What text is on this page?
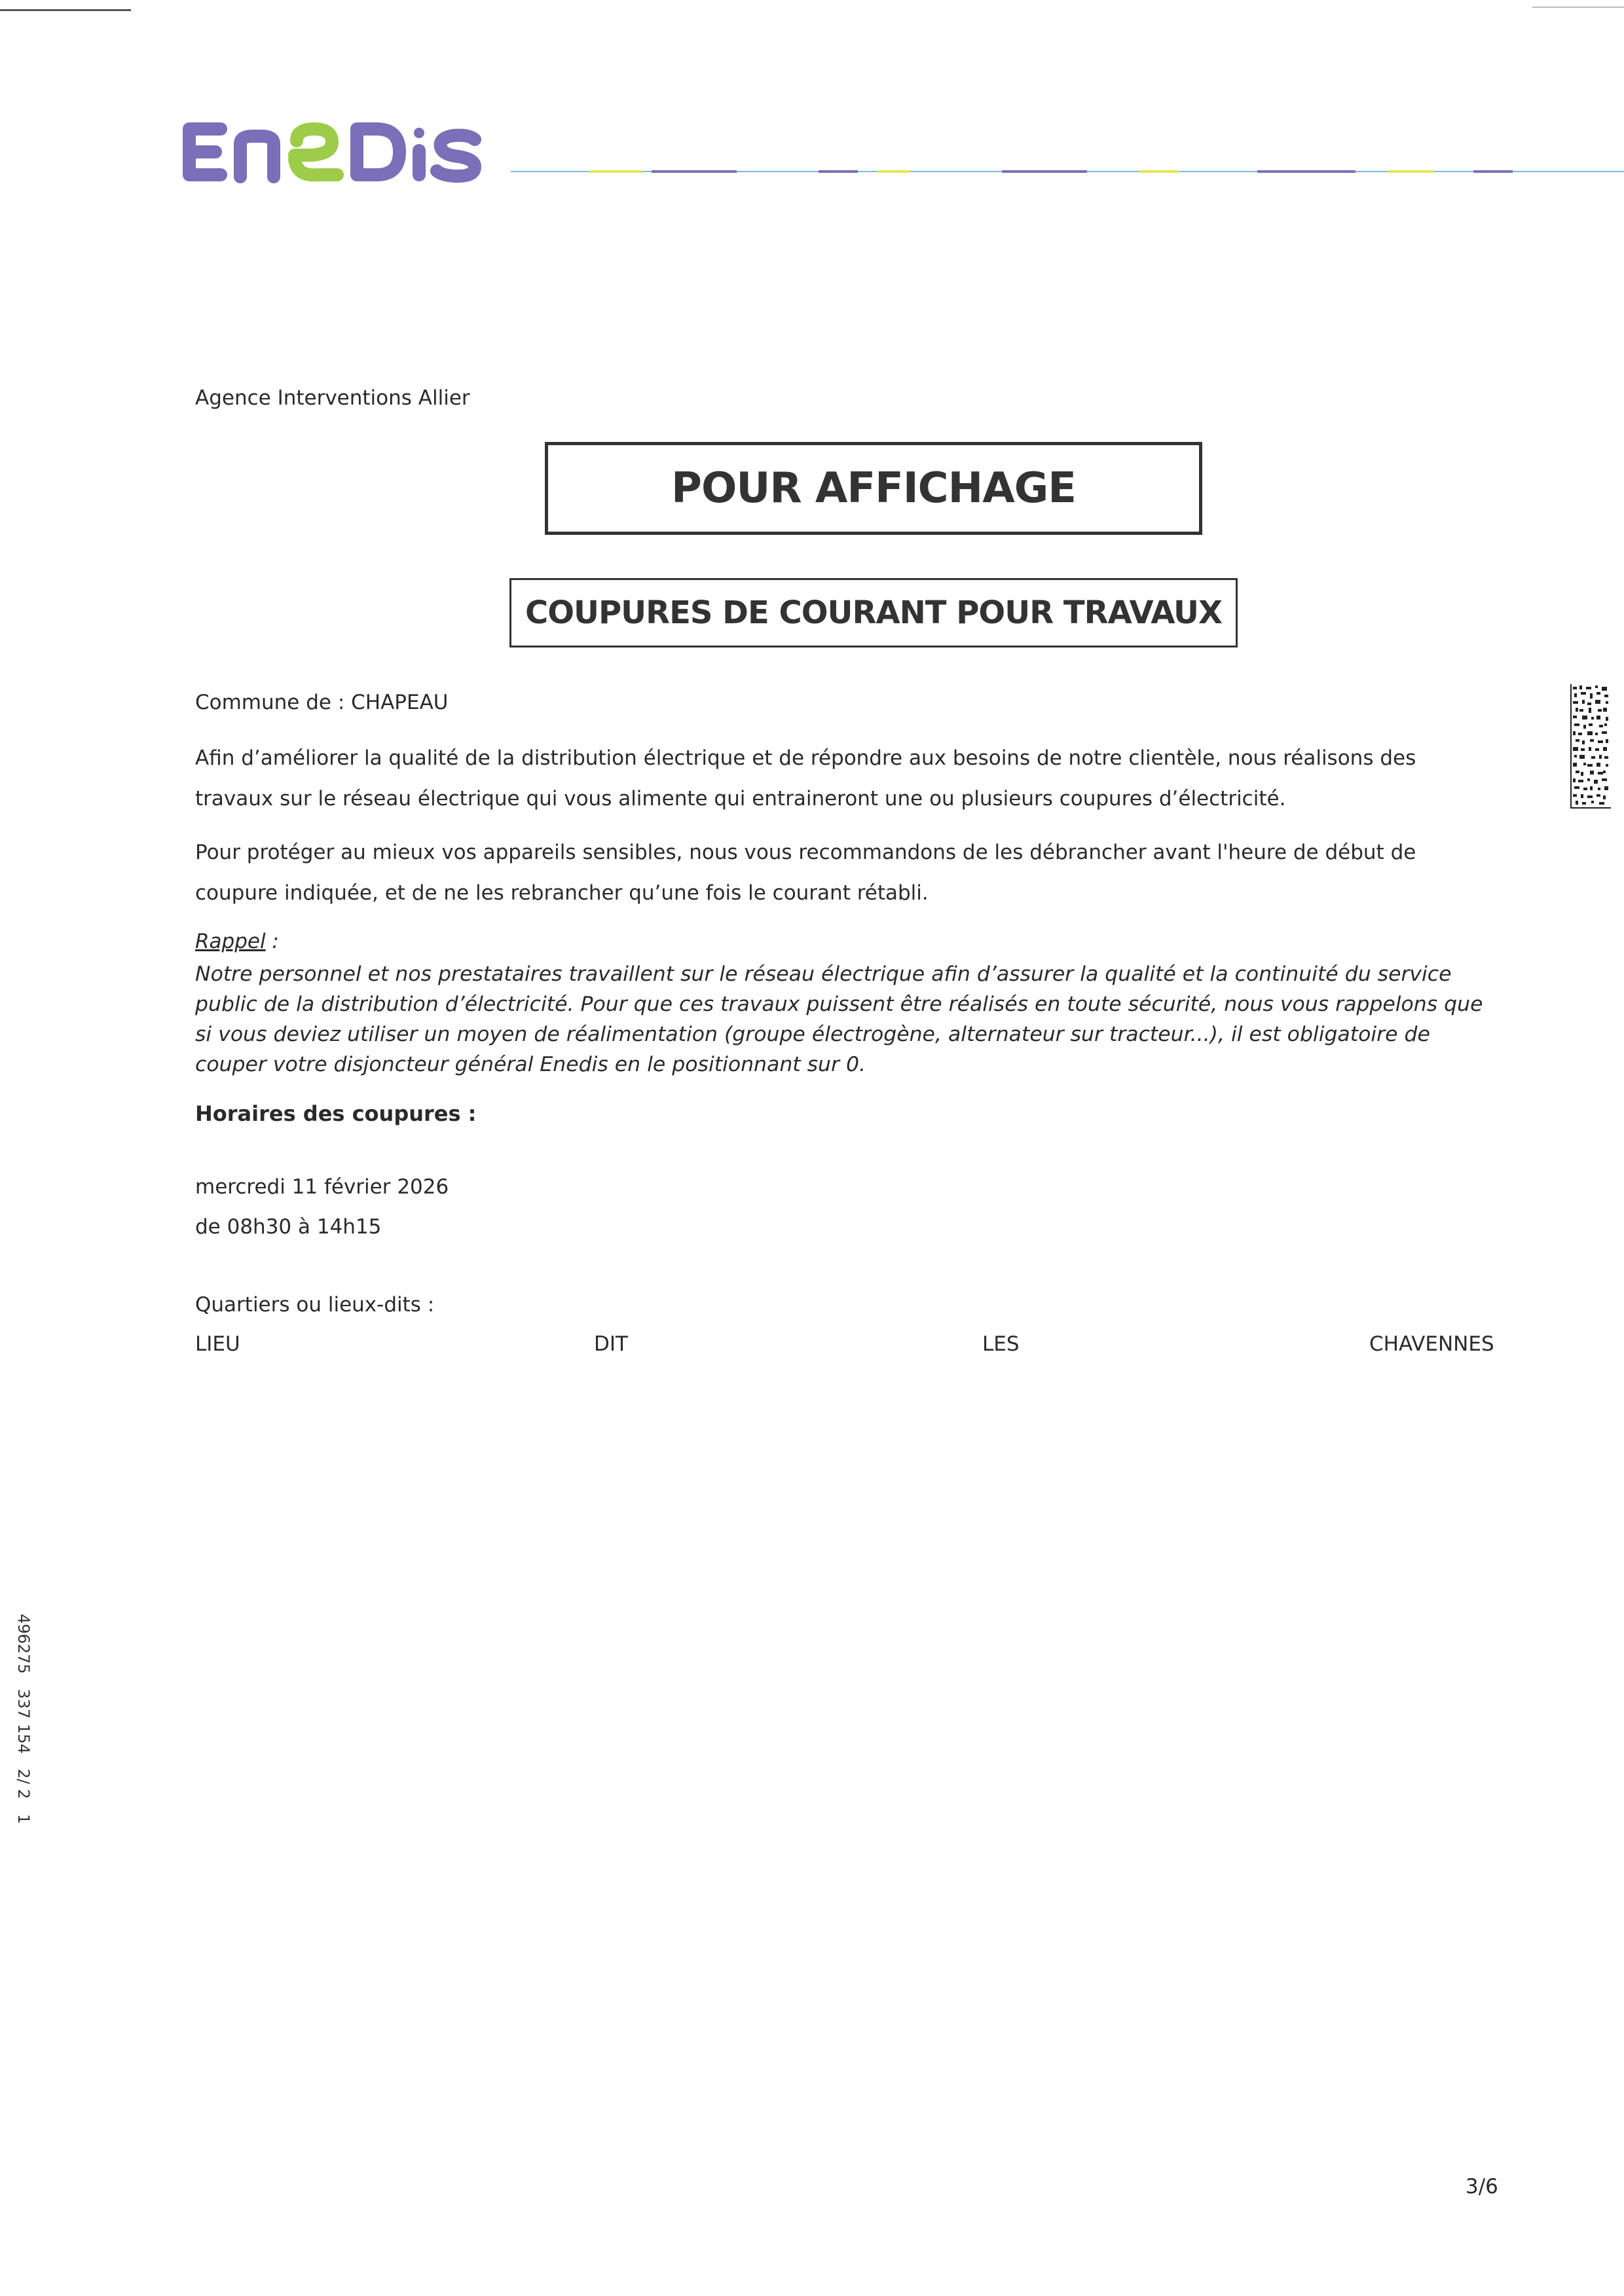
Agence Interventions Allier
POUR AFFICHAGE
COUPURES DE COURANT POUR TRAVAUX
Commune de : CHAPEAU
Afin d’améliorer la qualité de la distribution électrique et de répondre aux besoins de notre clientèle, nous réalisons des travaux sur le réseau électrique qui vous alimente qui entraineront une ou plusieurs coupures d’électricité.
Pour protéger au mieux vos appareils sensibles, nous vous recommandons de les débrancher avant l'heure de début de coupure indiquée, et de ne les rebrancher qu’une fois le courant rétabli.
Rappel :
Notre personnel et nos prestataires travaillent sur le réseau électrique afin d’assurer la qualité et la continuité du service public de la distribution d’électricité. Pour que ces travaux puissent être réalisés en toute sécurité, nous vous rappelons que si vous deviez utiliser un moyen de réalimentation (groupe électrogène, alternateur sur tracteur...), il est obligatoire de couper votre disjoncteur général Enedis en le positionnant sur 0.
Horaires des coupures :
mercredi 11 février 2026
de 08h30 à 14h15
Quartiers ou lieux-dits :
LIEU	DIT	LES	CHAVENNES
496275   337 154   2/ 2   1
3/6
